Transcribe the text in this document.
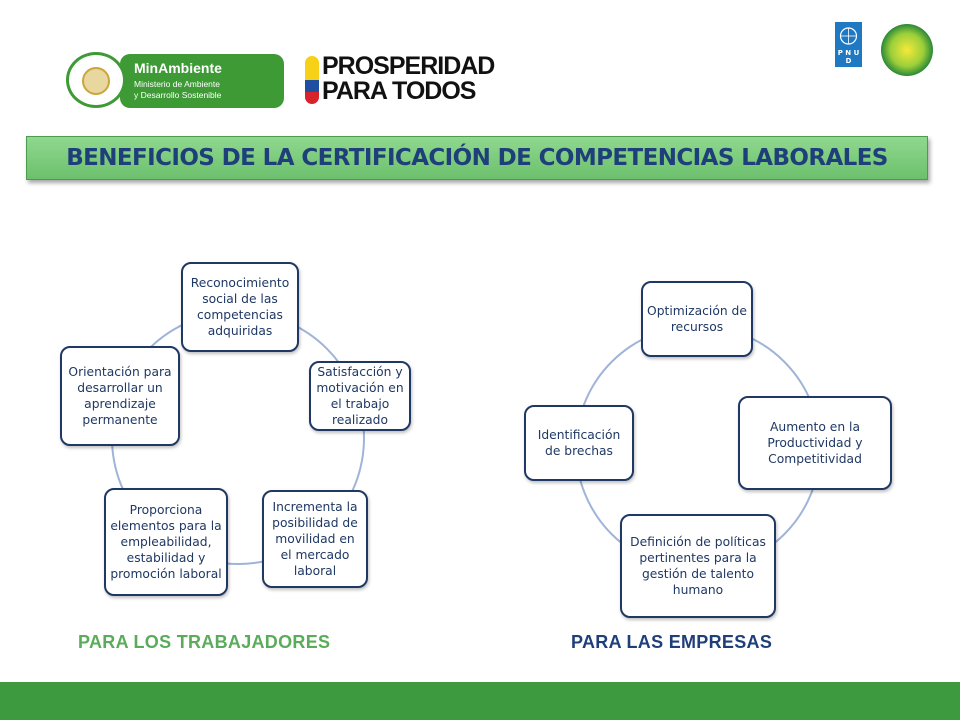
MinAmbiente
Ministerio de Ambiente
y Desarrollo Sostenible
PROSPERIDAD
PARA TODOS
P N U D
BENEFICIOS DE LA CERTIFICACIÓN DE COMPETENCIAS LABORALES
Reconocimiento social de las competencias adquiridas
Satisfacción y motivación en el trabajo realizado
Incrementa la posibilidad de movilidad en el mercado laboral
Proporciona elementos para la empleabilidad, estabilidad y promoción laboral
Orientación para desarrollar un aprendizaje permanente
Optimización de recursos
Aumento en la Productividad y Competitividad
Definición de políticas pertinentes para la gestión de talento humano
Identificación de brechas
PARA LOS TRABAJADORES	PARA LAS EMPRESAS
